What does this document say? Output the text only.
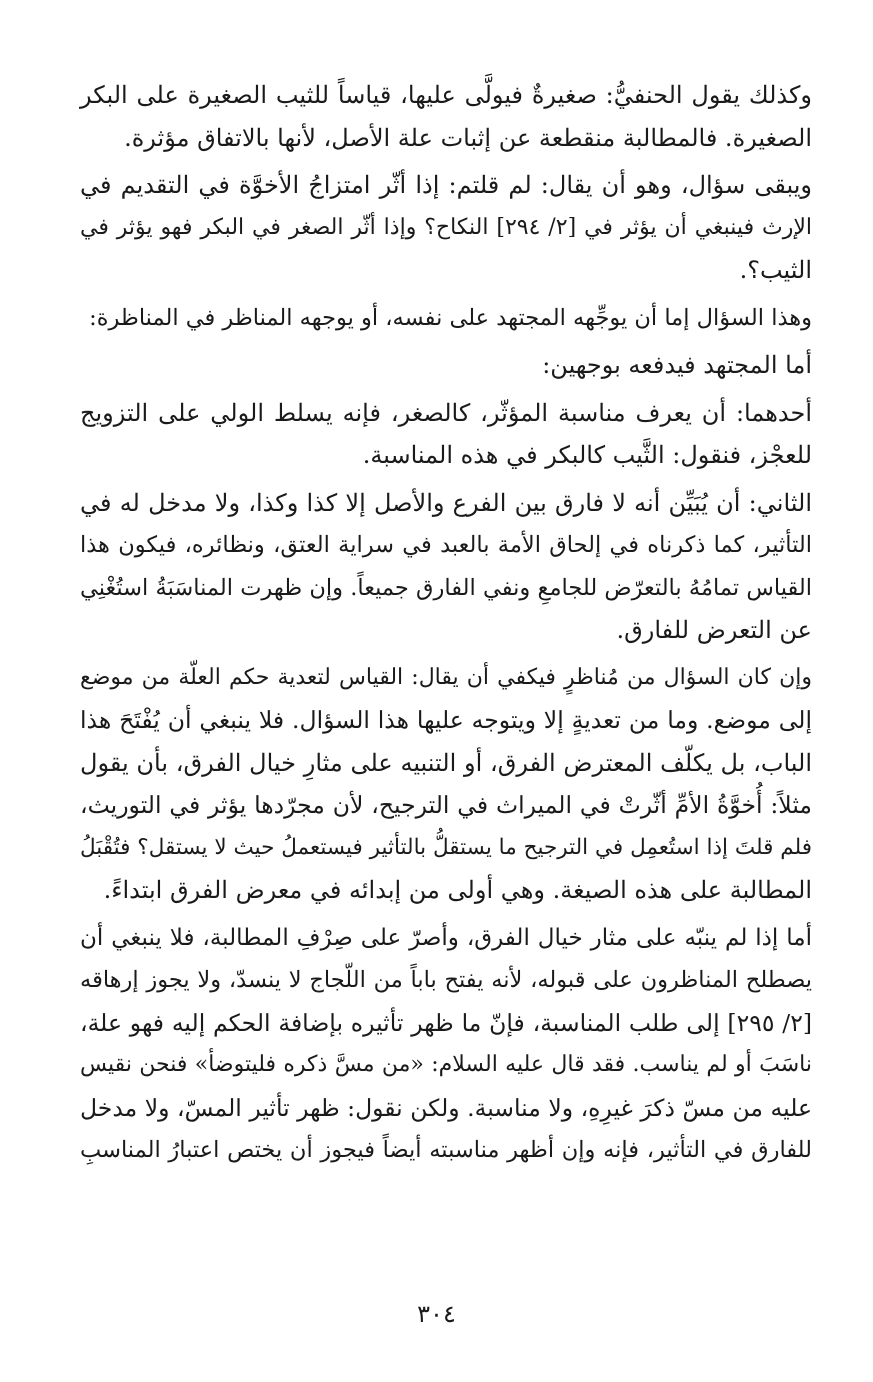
وكذلك يقول الحنفيُّ: صغيرةٌ فيولَّى عليها، قياساً للثيب الصغيرة على البكر
الصغيرة. فالمطالبة منقطعة عن إثبات علة الأصل، لأنها بالاتفاق مؤثرة.

ويبقى سؤال، وهو أن يقال: لم قلتم: إذا أثّر امتزاجُ الأخوَّة في التقديم في
الإرث فينبغي أن يؤثر في [٢/ ٢٩٤] النكاح؟ وإذا أثّر الصغر في البكر فهو يؤثر في
الثيب؟.

وهذا السؤال إما أن يوجِّهه المجتهد على نفسه، أو يوجهه المناظر في المناظرة:

أما المجتهد فيدفعه بوجهين:

أحدهما: أن يعرف مناسبة المؤثّر، كالصغر، فإنه يسلط الولي على التزويج
للعجْز، فنقول: الثَّيب كالبكر في هذه المناسبة.

الثاني: أن يُبَيِّن أنه لا فارق بين الفرع والأصل إلا كذا وكذا، ولا مدخل له في
التأثير، كما ذكرناه في إلحاق الأمة بالعبد في سراية العتق، ونظائره، فيكون هذا
القياس تمامُهُ بالتعرّض للجامعِ ونفي الفارق جميعاً. وإن ظهرت المناسَبَةُ استُغْنِي
عن التعرض للفارق.

وإن كان السؤال من مُناظرٍ فيكفي أن يقال: القياس لتعدية حكم العلّة من موضع
إلى موضع. وما من تعديةٍ إلا ويتوجه عليها هذا السؤال. فلا ينبغي أن يُفْتَحَ هذا
الباب، بل يكلّف المعترض الفرق، أو التنبيه على مثارِ خيال الفرق، بأن يقول
مثلاً: أُخوَّةُ الأمِّ أثّرتْ في الميراث في الترجيح، لأن مجرّدها يؤثر في التوريث،
فلم قلتَ إذا استُعمِل في الترجيح ما يستقلُّ بالتأثير فيستعملُ حيث لا يستقل؟ فتُقْبَلُ
المطالبة على هذه الصيغة. وهي أولى من إبدائه في معرض الفرق ابتداءً.

أما إذا لم ينبّه على مثار خيال الفرق، وأصرّ على صِرْفِ المطالبة، فلا ينبغي أن
يصطلح المناظرون على قبوله، لأنه يفتح باباً من اللّجاج لا ينسدّ، ولا يجوز إرهاقه
[٢/ ٢٩٥] إلى طلب المناسبة، فإنّ ما ظهر تأثيره بإضافة الحكم إليه فهو علة،
ناسَبَ أو لم يناسب. فقد قال عليه السلام: «من مسَّ ذكره فليتوضأ» فنحن نقيس
عليه من مسّ ذكرَ غيرِهِ، ولا مناسبة. ولكن نقول: ظهر تأثير المسّ، ولا مدخل
للفارق في التأثير، فإنه وإن أظهر مناسبته أيضاً فيجوز أن يختص اعتبارُ المناسبِ

٣٠٤
